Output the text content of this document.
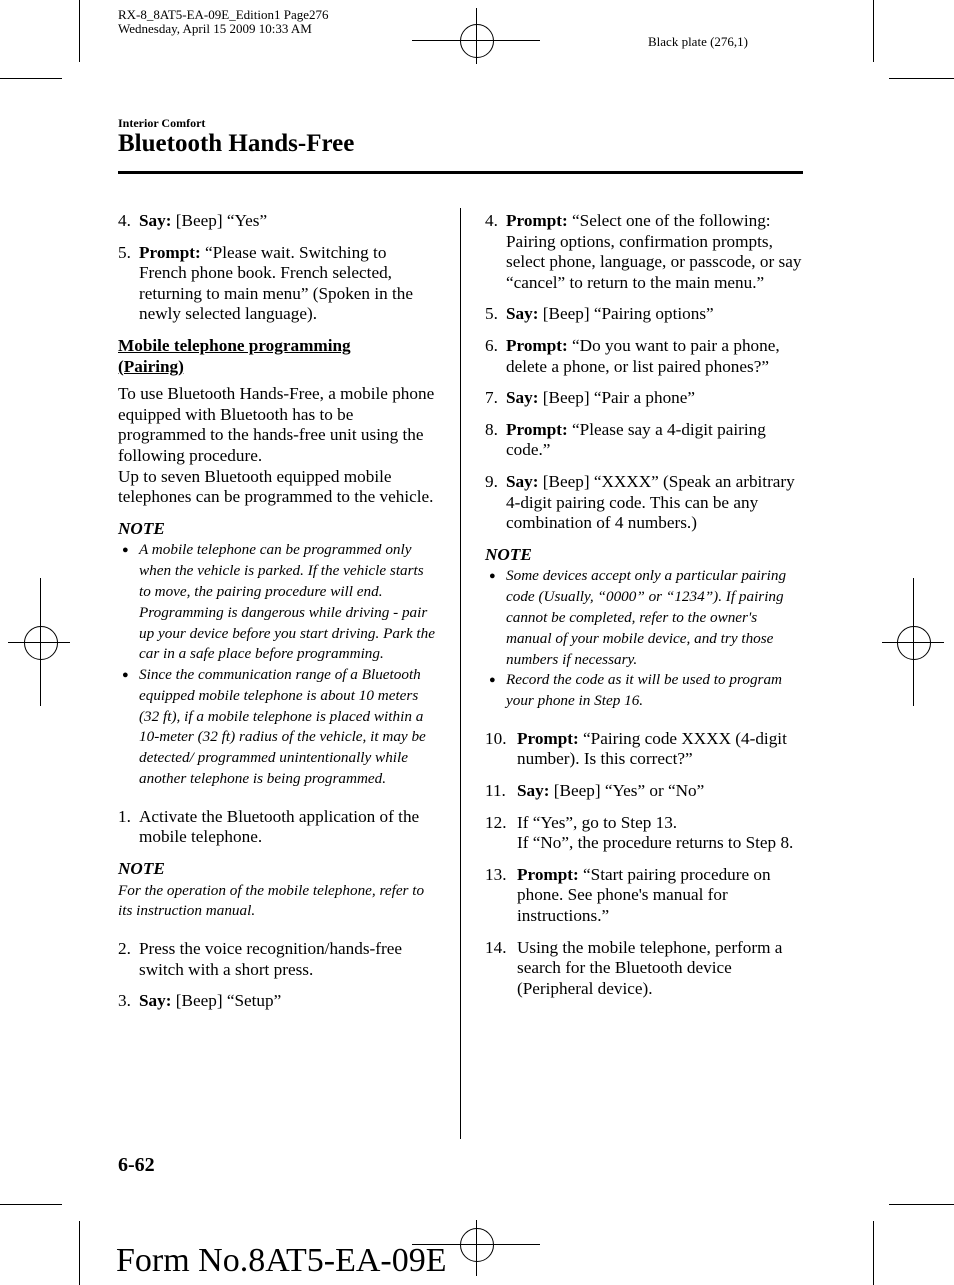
RX-8_8AT5-EA-09E_Edition1 Page276
Wednesday, April 15 2009 10:33 AM
Black plate (276,1)
Interior Comfort
Bluetooth Hands-Free
4. Say: [Beep] “Yes”
5. Prompt: “Please wait. Switching to French phone book. French selected, returning to main menu” (Spoken in the newly selected language).
Mobile telephone programming (Pairing)

To use Bluetooth Hands-Free, a mobile phone equipped with Bluetooth has to be programmed to the hands-free unit using the following procedure.

Up to seven Bluetooth equipped mobile telephones can be programmed to the vehicle.

NOTE
● A mobile telephone can be programmed only when the vehicle is parked. If the vehicle starts to move, the pairing procedure will end. Programming is dangerous while driving - pair up your device before you start driving. Park the car in a safe place before programming.
● Since the communication range of a Bluetooth equipped mobile telephone is about 10 meters (32 ft), if a mobile telephone is placed within a 10-meter (32 ft) radius of the vehicle, it may be detected/ programmed unintentionally while another telephone is being programmed.
1. Activate the Bluetooth application of the mobile telephone.
NOTE
For the operation of the mobile telephone, refer to its instruction manual.
2. Press the voice recognition/hands-free switch with a short press.
3. Say: [Beep] “Setup”
4. Prompt: “Select one of the following: Pairing options, confirmation prompts, select phone, language, or passcode, or say “cancel” to return to the main menu.”
5. Say: [Beep] “Pairing options”
6. Prompt: “Do you want to pair a phone, delete a phone, or list paired phones?”
7. Say: [Beep] “Pair a phone”
8. Prompt: “Please say a 4-digit pairing code.”
9. Say: [Beep] “XXXX” (Speak an arbitrary 4-digit pairing code. This can be any combination of 4 numbers.)
NOTE
● Some devices accept only a particular pairing code (Usually, “0000” or “1234”). If pairing cannot be completed, refer to the owner's manual of your mobile device, and try those numbers if necessary.
● Record the code as it will be used to program your phone in Step 16.
10. Prompt: “Pairing code XXXX (4-digit number). Is this correct?”
11. Say: [Beep] “Yes” or “No”
12. If “Yes”, go to Step 13.
If “No”, the procedure returns to Step 8.
13. Prompt: “Start pairing procedure on phone. See phone's manual for instructions.”
14. Using the mobile telephone, perform a search for the Bluetooth device (Peripheral device).
6-62
Form No.8AT5-EA-09E
